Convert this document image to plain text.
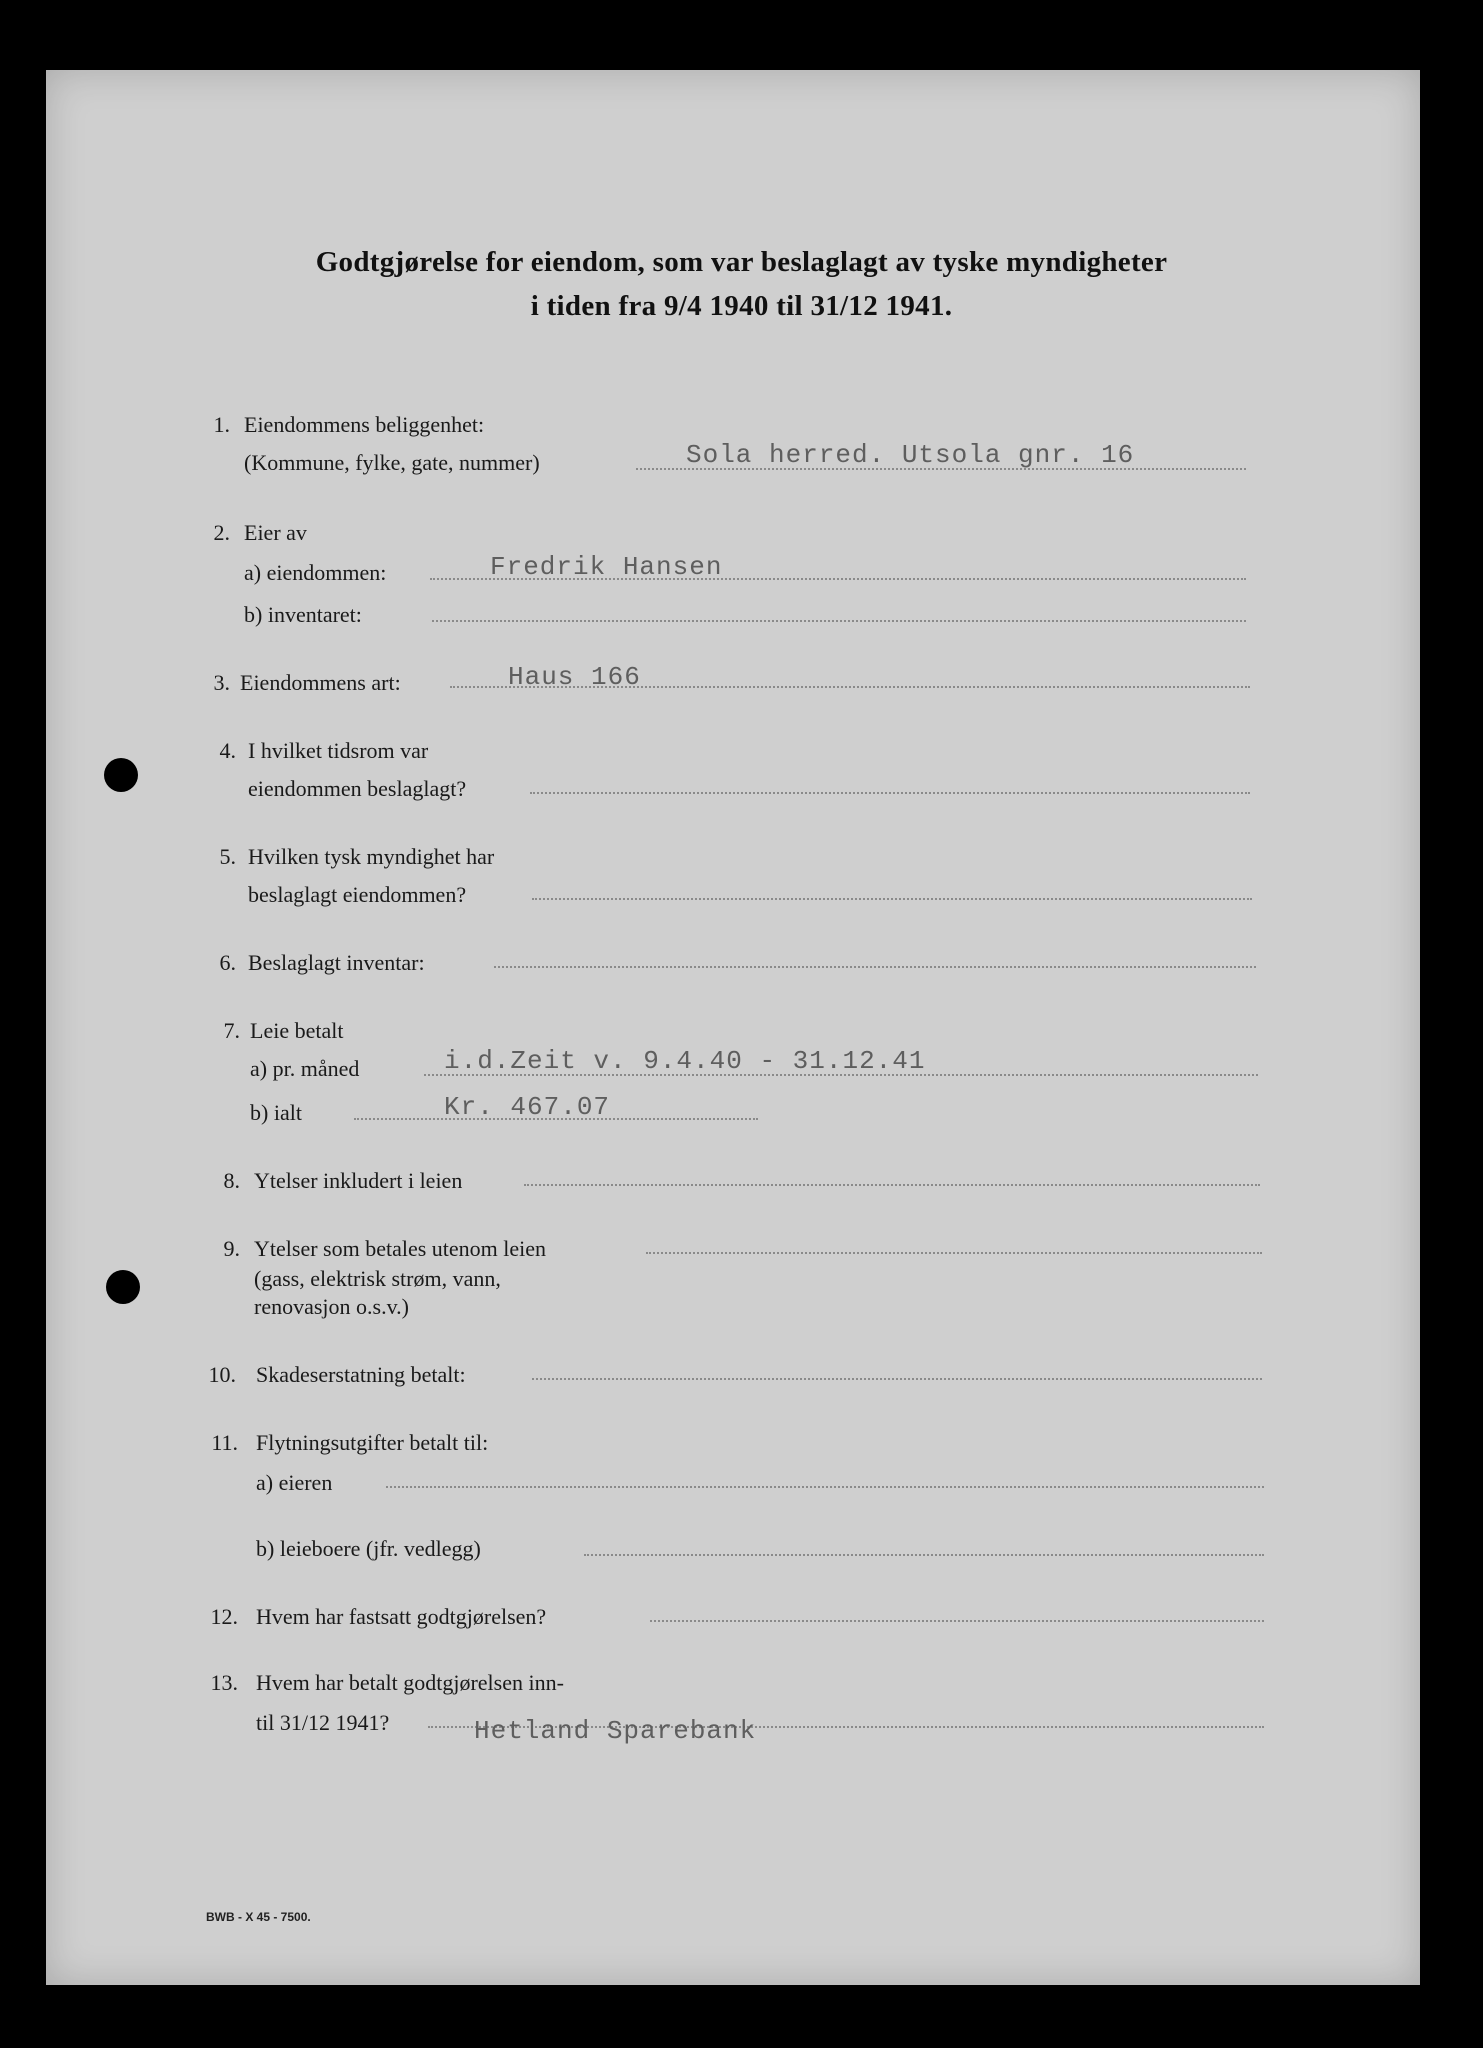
Godtgjørelse for eiendom, som var beslaglagt av tyske myndigheter
i tiden fra 9/4 1940 til 31/12 1941.
1. Eiendommens beliggenhet:
(Kommune, fylke, gate, nummer)	Sola herred. Utsola gnr. 16
2. Eier av
a) eiendommen:	Fredrik Hansen
b) inventaret:
3. Eiendommens art:	Haus 166
4. I hvilket tidsrom var
eiendommen beslaglagt?
5. Hvilken tysk myndighet har
beslaglagt eiendommen?
6. Beslaglagt inventar:
7. Leie betalt
a) pr. måned	i.d.Zeit v. 9.4.40 - 31.12.41
b) ialt	Kr. 467.07
8. Ytelser inkludert i leien
9. Ytelser som betales utenom leien
(gass, elektrisk strøm, vann,
renovasjon o.s.v.)
10. Skadeserstatning betalt:
11. Flytningsutgifter betalt til:
a) eieren
b) leieboere (jfr. vedlegg)
12. Hvem har fastsatt godtgjørelsen?
13. Hvem har betalt godtgjørelsen inn-
til 31/12 1941?	Hetland Sparebank
BWB - X 45 - 7500.
